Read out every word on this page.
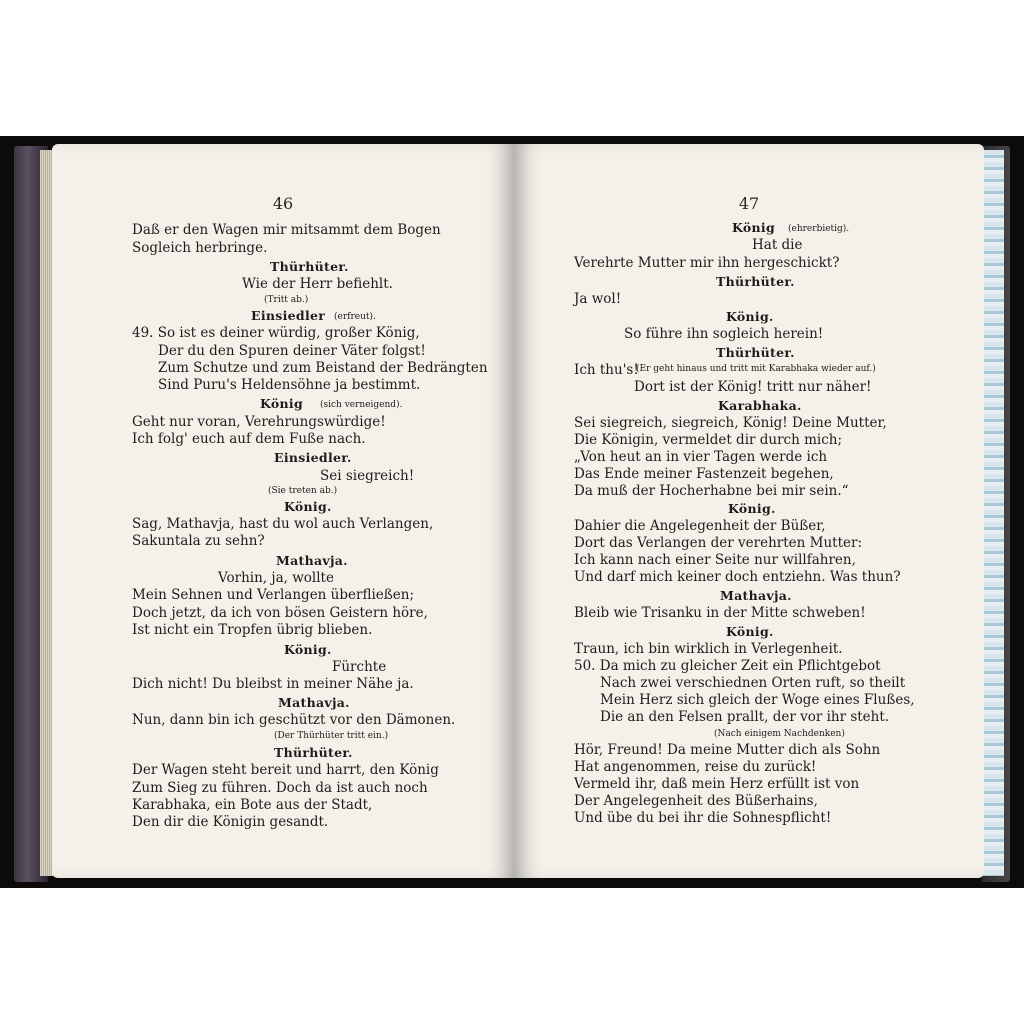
46
Daß er den Wagen mir mitsammt dem Bogen
Sogleich herbringe.
Thürhüter.
Wie der Herr befiehlt.
(Tritt ab.)
Einsiedler (erfreut).
49. So ist es deiner würdig, großer König,
Der du den Spuren deiner Väter folgst!
Zum Schutze und zum Beistand der Bedrängten
Sind Puru's Heldensöhne ja bestimmt.
König (sich verneigend).
Geht nur voran, Verehrungswürdige!
Ich folg' euch auf dem Fuße nach.
Einsiedler.
Sei siegreich!
(Sie treten ab.)
König.
Sag, Mathavja, hast du wol auch Verlangen,
Sakuntala zu sehn?
Mathavja.
Vorhin, ja, wollte
Mein Sehnen und Verlangen überfließen;
Doch jetzt, da ich von bösen Geistern höre,
Ist nicht ein Tropfen übrig blieben.
König.
Fürchte
Dich nicht! Du bleibst in meiner Nähe ja.
Mathavja.
Nun, dann bin ich geschützt vor den Dämonen.
(Der Thürhüter tritt ein.)
Thürhüter.
Der Wagen steht bereit und harrt, den König
Zum Sieg zu führen. Doch da ist auch noch
Karabhaka, ein Bote aus der Stadt,
Den dir die Königin gesandt.
47
König (ehrerbietig).
Hat die
Verehrte Mutter mir ihn hergeschickt?
Thürhüter.
Ja wol!
König.
So führe ihn sogleich herein!
Thürhüter.
Ich thu's!
(Er geht hinaus und tritt mit Karabhaka wieder auf.)
Dort ist der König! tritt nur näher!
Karabhaka.
Sei siegreich, siegreich, König! Deine Mutter,
Die Königin, vermeldet dir durch mich;
„Von heut an in vier Tagen werde ich
Das Ende meiner Fastenzeit begehen,
Da muß der Hocherhabne bei mir sein.“
König.
Dahier die Angelegenheit der Büßer,
Dort das Verlangen der verehrten Mutter:
Ich kann nach einer Seite nur willfahren,
Und darf mich keiner doch entziehn. Was thun?
Mathavja.
Bleib wie Trisanku in der Mitte schweben!
König.
Traun, ich bin wirklich in Verlegenheit.
50. Da mich zu gleicher Zeit ein Pflichtgebot
Nach zwei verschiednen Orten ruft, so theilt
Mein Herz sich gleich der Woge eines Flußes,
Die an den Felsen prallt, der vor ihr steht.
(Nach einigem Nachdenken)
Hör, Freund! Da meine Mutter dich als Sohn
Hat angenommen, reise du zurück!
Vermeld ihr, daß mein Herz erfüllt ist von
Der Angelegenheit des Büßerhains,
Und übe du bei ihr die Sohnespflicht!
